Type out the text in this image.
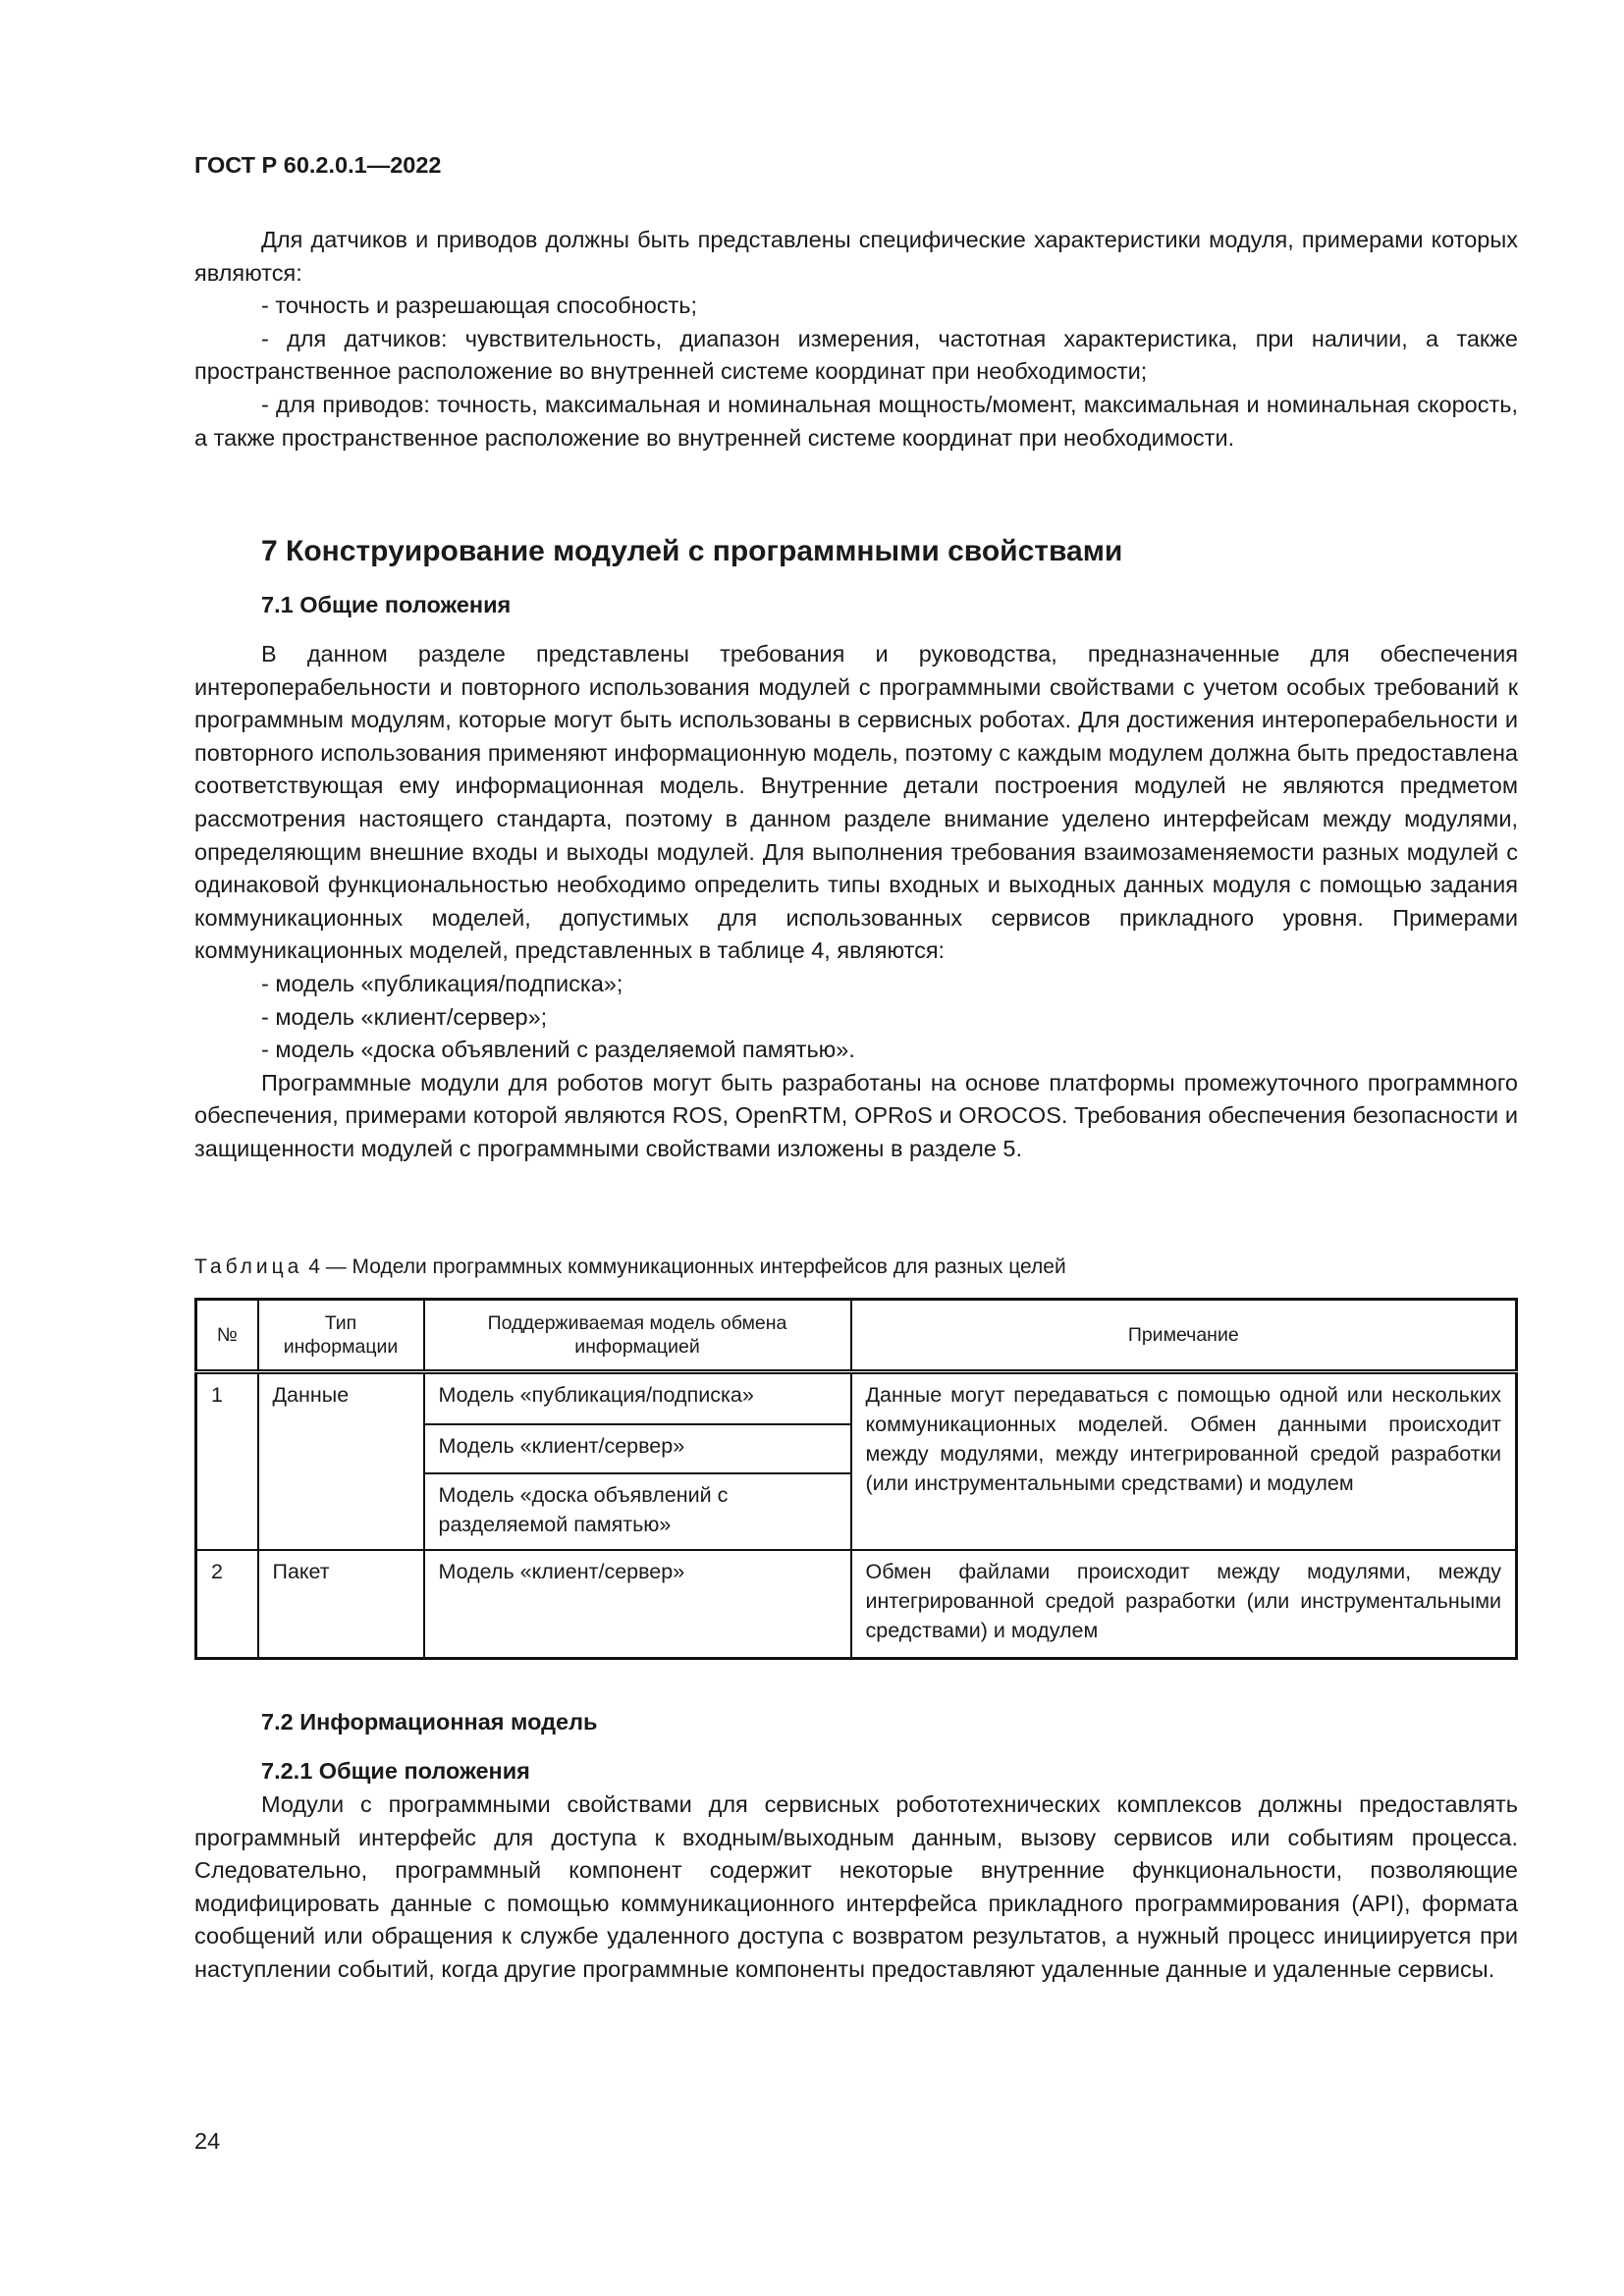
ГОСТ Р 60.2.0.1—2022

Для датчиков и приводов должны быть представлены специфические характеристики модуля, примерами которых являются:

- точность и разрешающая способность;

- для датчиков: чувствительность, диапазон измерения, частотная характеристика, при наличии, а также пространственное расположение во внутренней системе координат при необходимости;

- для приводов: точность, максимальная и номинальная мощность/момент, максимальная и номинальная скорость, а также пространственное расположение во внутренней системе координат при необходимости.

7 Конструирование модулей с программными свойствами
7.1 Общие положения

В данном разделе представлены требования и руководства, предназначенные для обеспечения интероперабельности и повторного использования модулей с программными свойствами с учетом особых требований к программным модулям, которые могут быть использованы в сервисных роботах. Для достижения интероперабельности и повторного использования применяют информационную модель, поэтому с каждым модулем должна быть предоставлена соответствующая ему информационная модель. Внутренние детали построения модулей не являются предметом рассмотрения настоящего стандарта, поэтому в данном разделе внимание уделено интерфейсам между модулями, определяющим внешние входы и выходы модулей. Для выполнения требования взаимозаменяемости разных модулей с одинаковой функциональностью необходимо определить типы входных и выходных данных модуля с помощью задания коммуникационных моделей, допустимых для использованных сервисов прикладного уровня. Примерами коммуникационных моделей, представленных в таблице 4, являются:

- модель «публикация/подписка»;

- модель «клиент/сервер»;

- модель «доска объявлений с разделяемой памятью».

Программные модули для роботов могут быть разработаны на основе платформы промежуточного программного обеспечения, примерами которой являются ROS, OpenRTM, OPRoS и OROCOS. Требования обеспечения безопасности и защищенности модулей с программными свойствами изложены в разделе 5.

Таблица 4 — Модели программных коммуникационных интерфейсов для разных целей
№	Тип информации	Поддерживаемая модель обмена информацией	Примечание
1	Данные	Модель «публикация/подписка»	Данные могут передаваться с помощью одной или нескольких коммуникационных моделей. Обмен данными происходит между модулями, между интегрированной средой разработки (или инструментальными средствами) и модулем
		Модель «клиент/сервер»	
		Модель «доска объявлений с разделяемой памятью»	
2	Пакет	Модель «клиент/сервер»	Обмен файлами происходит между модулями, между интегрированной средой разработки (или инструментальными средствами) и модулем
7.2 Информационная модель
7.2.1 Общие положения

Модули с программными свойствами для сервисных робототехнических комплексов должны предоставлять программный интерфейс для доступа к входным/выходным данным, вызову сервисов или событиям процесса. Следовательно, программный компонент содержит некоторые внутренние функциональности, позволяющие модифицировать данные с помощью коммуникационного интерфейса прикладного программирования (API), формата сообщений или обращения к службе удаленного доступа с возвратом результатов, а нужный процесс инициируется при наступлении событий, когда другие программные компоненты предоставляют удаленные данные и удаленные сервисы.

24
